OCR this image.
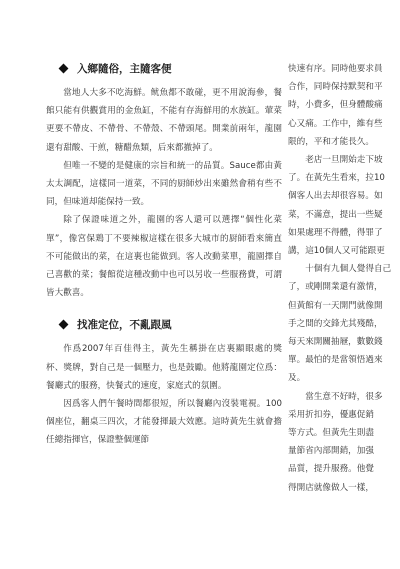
入鄉隨俗，主隨客便

當地人大多不吃海鮮。鱿魚都不敢碰，更不用說海參，餐館只能有供觀賞用的金魚缸，不能有存海鮮用的水族缸。葷菜更要不帶皮、不帶骨、不帶殼、不帶頭尾。開業前兩年，龍園還有甜酸、干煎，糖醋魚類，后來都撤掉了。

但唯一不變的是健康的宗旨和統一的品質。Sauce都由黃太太調配，這樣同一道菜，不同的厨師炒出來雖然會稍有些不同，但味道却能保持一致。

除了保證味道之外，龍園的客人還可以選擇“個性化菜單”，像宮保鶏丁不要辣椒這樣在很多大城市的厨師看來簡直不可能做出的菜，在這裏也能做到。客人改動菜單，龍園擇自己喜歡的菜；餐館從這種改動中也可以另收一些服務費，可謂皆大歡喜。

找准定位，不亂跟風

作爲2007年百佳得主，黃先生稱掛在店裏顯眼處的獎杯、獎牌，對自己是一個壓力，也是鼓勵。他將龍園定位爲：餐廳式的服務，快餐式的速度，家庭式的氛圍。

因爲客人們午餐時間都很短，所以餐廳內沒裝電視。100個座位，翻桌三四次，才能發揮最大效應。這時黃先生就會擔任總指揮官，保證整個運節

快速有序。同時他要求員

合作，同時保持默契和平

時，小費多，但身體酸痛

心又痛。工作中，維有些

限的，平和才能長久。

老店一旦開始走下坡

了。在黃先生看來，拉10

個客人出去却很容易。如

菜，不滿意，提出一些疑

如果處理不得體，得罪了

講，這10個人又可能跟更

十個有九個人覺得自己

了，或剛開業還有激情，

但黃館有一天開門就像開

手之間的交鋒尤其殘酷，

每天來開關抽屜，數數錢

單。最怕的是當領悟過來

及。

當生意不好時，很多

采用折扣券，優惠促銷

等方式。但黃先生則盡

量節省內部開銷，加强

品質，提升服務。他覺

得開店就像做人一樣，
